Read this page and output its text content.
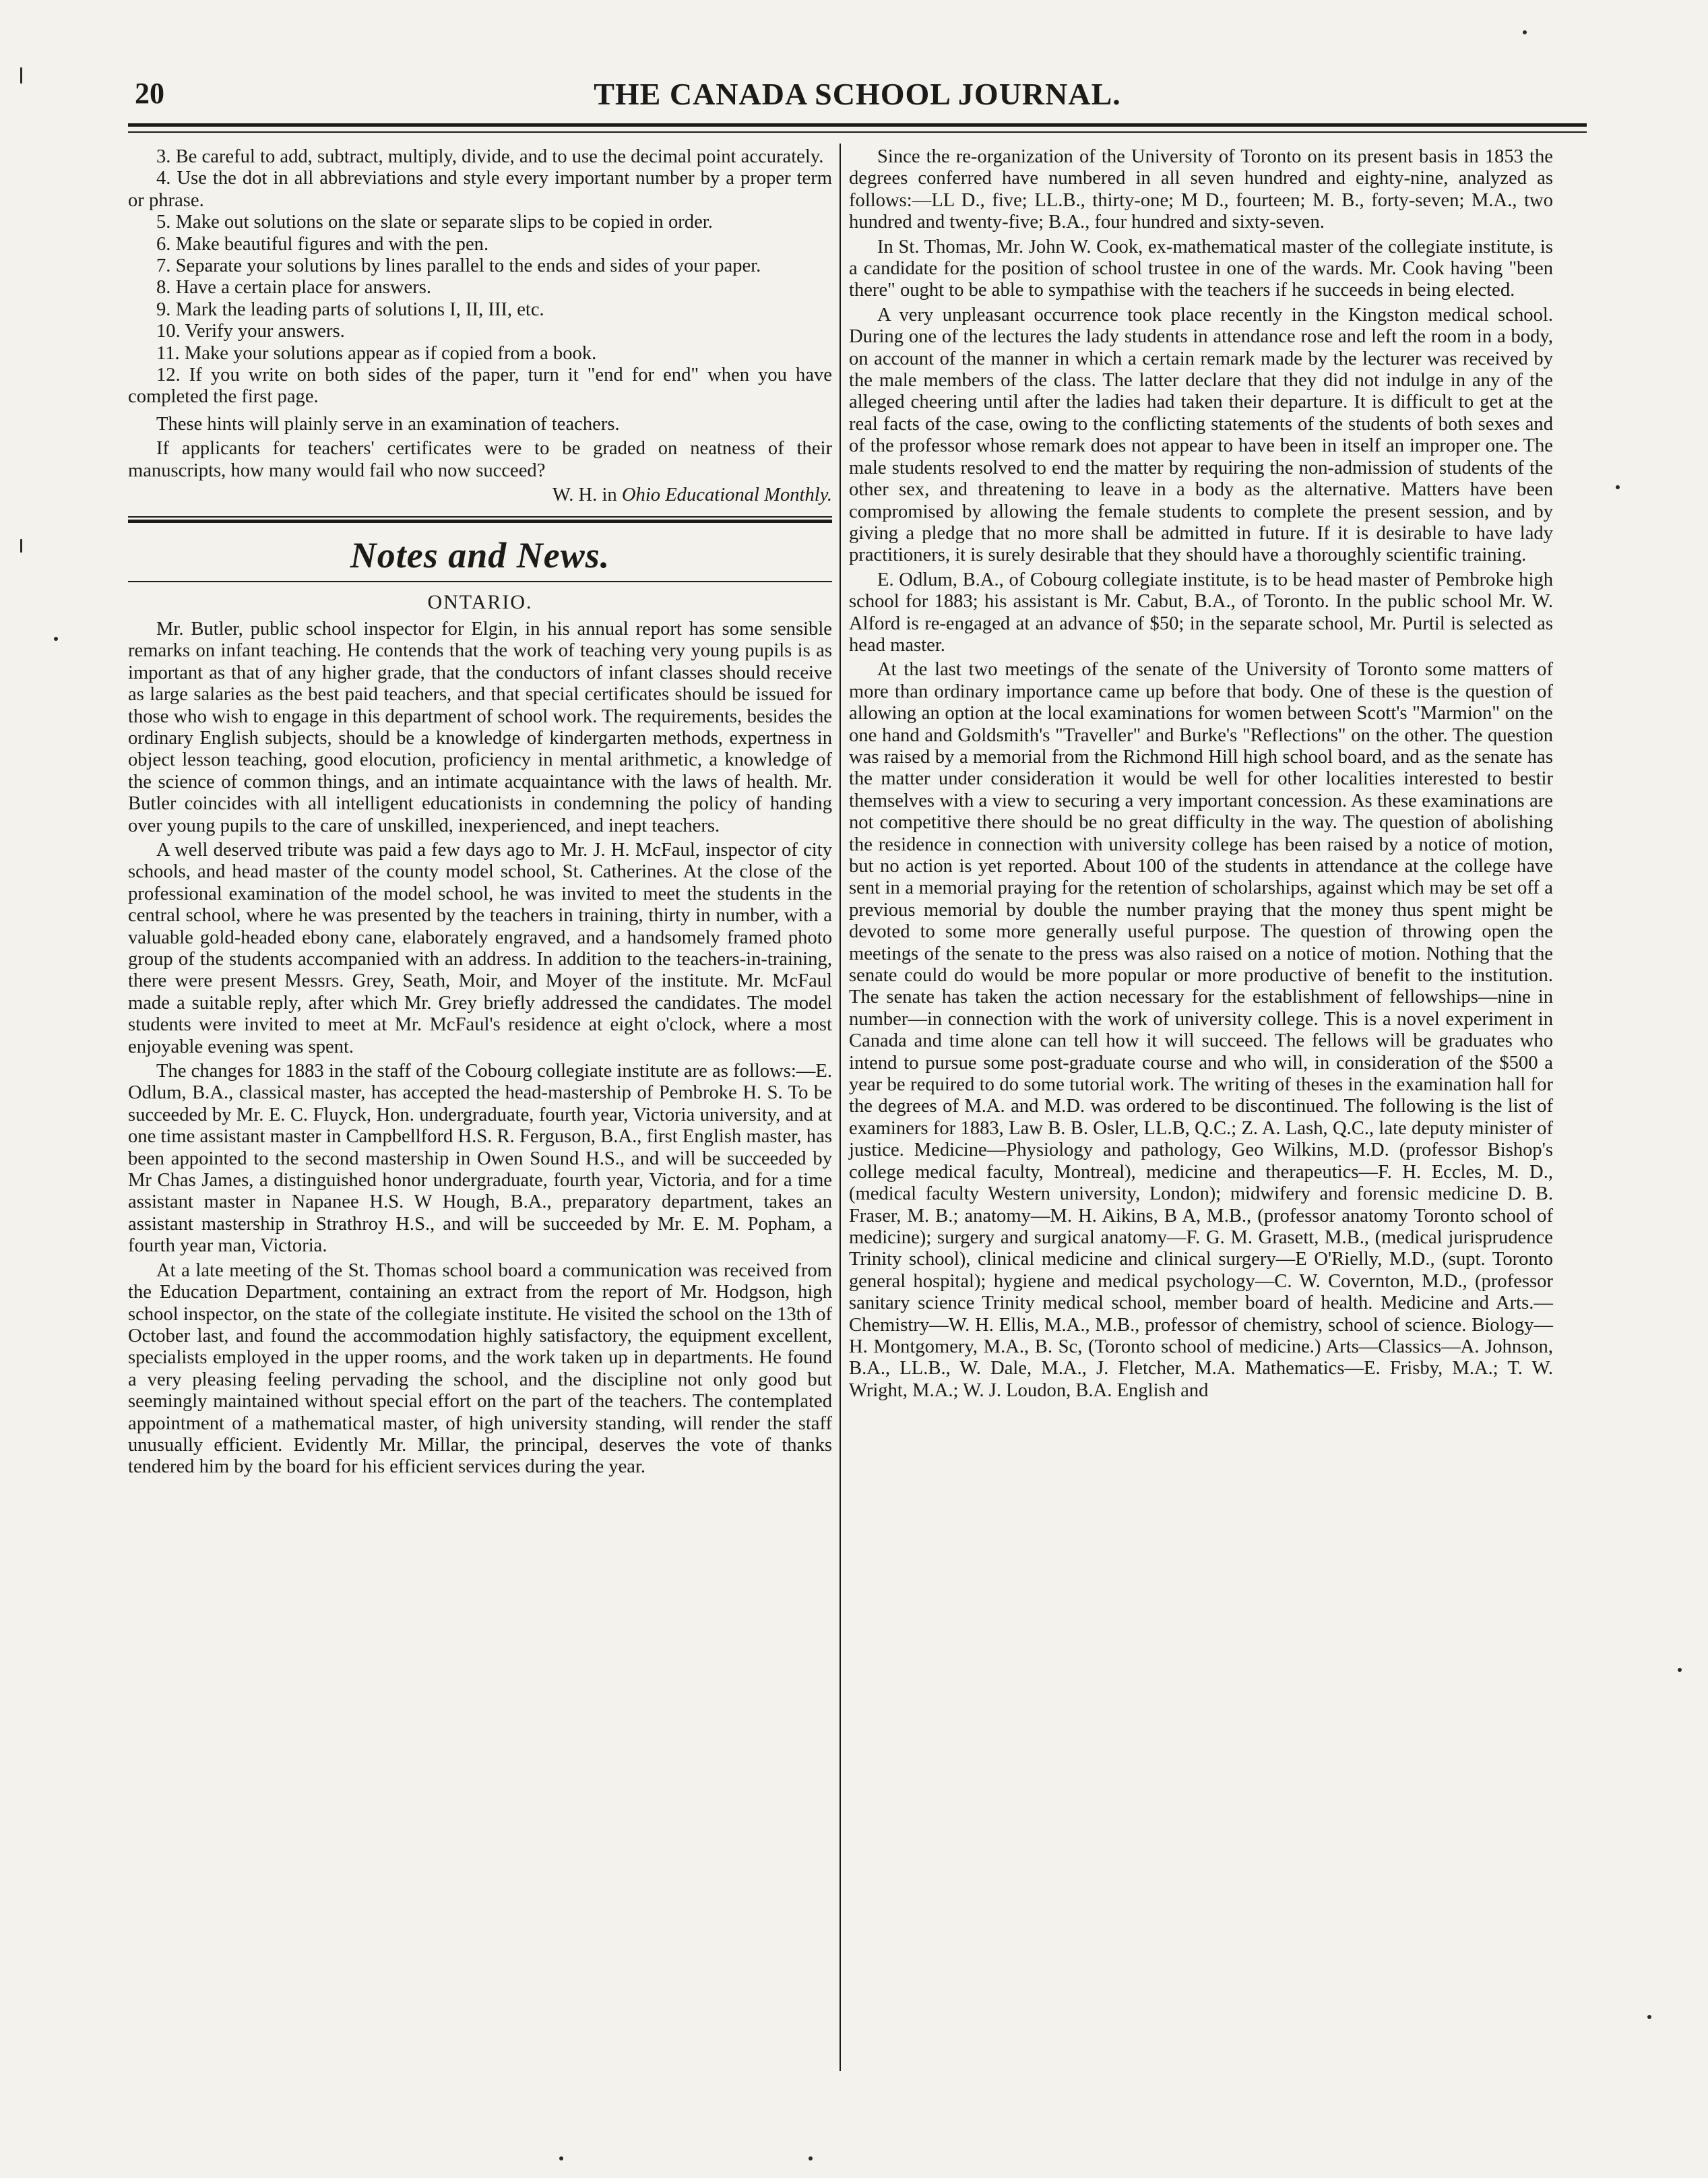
20	THE CANADA SCHOOL JOURNAL.

3. Be careful to add, subtract, multiply, divide, and to use the decimal point accurately.

4. Use the dot in all abbreviations and style every important number by a proper term or phrase.

5. Make out solutions on the slate or separate slips to be copied in order.

6. Make beautiful figures and with the pen.

7. Separate your solutions by lines parallel to the ends and sides of your paper.

8. Have a certain place for answers.

9. Mark the leading parts of solutions I, II, III, etc.

10. Verify your answers.

11. Make your solutions appear as if copied from a book.

12. If you write on both sides of the paper, turn it "end for end" when you have completed the first page.

These hints will plainly serve in an examination of teachers.

If applicants for teachers' certificates were to be graded on neatness of their manuscripts, how many would fail who now succeed?

W. H. in Ohio Educational Monthly.
Notes and News.
ONTARIO.

Mr. Butler, public school inspector for Elgin, in his annual report has some sensible remarks on infant teaching. He contends that the work of teaching very young pupils is as important as that of any higher grade, that the conductors of infant classes should receive as large salaries as the best paid teachers, and that special certificates should be issued for those who wish to engage in this department of school work. The requirements, besides the ordinary English subjects, should be a knowledge of kindergarten methods, expertness in object lesson teaching, good elocution, proficiency in mental arithmetic, a knowledge of the science of common things, and an intimate acquaintance with the laws of health. Mr. Butler coincides with all intelligent educationists in condemning the policy of handing over young pupils to the care of unskilled, inexperienced, and inept teachers.

A well deserved tribute was paid a few days ago to Mr. J. H. McFaul, inspector of city schools, and head master of the county model school, St. Catherines. At the close of the professional examination of the model school, he was invited to meet the students in the central school, where he was presented by the teachers in training, thirty in number, with a valuable gold-headed ebony cane, elaborately engraved, and a handsomely framed photo group of the students accompanied with an address. In addition to the teachers-in-training, there were present Messrs. Grey, Seath, Moir, and Moyer of the institute. Mr. McFaul made a suitable reply, after which Mr. Grey briefly addressed the candidates. The model students were invited to meet at Mr. McFaul's residence at eight o'clock, where a most enjoyable evening was spent.

The changes for 1883 in the staff of the Cobourg collegiate institute are as follows:—E. Odlum, B.A., classical master, has accepted the head-mastership of Pembroke H. S. To be succeeded by Mr. E. C. Fluyck, Hon. undergraduate, fourth year, Victoria university, and at one time assistant master in Campbellford H.S. R. Ferguson, B.A., first English master, has been appointed to the second mastership in Owen Sound H.S., and will be succeeded by Mr Chas James, a distinguished honor undergraduate, fourth year, Victoria, and for a time assistant master in Napanee H.S. W Hough, B.A., preparatory department, takes an assistant mastership in Strathroy H.S., and will be succeeded by Mr. E. M. Popham, a fourth year man, Victoria.

At a late meeting of the St. Thomas school board a communication was received from the Education Department, containing an extract from the report of Mr. Hodgson, high school inspector, on the state of the collegiate institute. He visited the school on the 13th of October last, and found the accommodation highly satisfactory, the equipment excellent, specialists employed in the upper rooms, and the work taken up in departments. He found a very pleasing feeling pervading the school, and the discipline not only good but seemingly maintained without special effort on the part of the teachers. The contemplated appointment of a mathematical master, of high university standing, will render the staff unusually efficient. Evidently Mr. Millar, the principal, deserves the vote of thanks tendered him by the board for his efficient services during the year.

Since the re-organization of the University of Toronto on its present basis in 1853 the degrees conferred have numbered in all seven hundred and eighty-nine, analyzed as follows:—LL D., five; LL.B., thirty-one; M D., fourteen; M. B., forty-seven; M.A., two hundred and twenty-five; B.A., four hundred and sixty-seven.

In St. Thomas, Mr. John W. Cook, ex-mathematical master of the collegiate institute, is a candidate for the position of school trustee in one of the wards. Mr. Cook having "been there" ought to be able to sympathise with the teachers if he succeeds in being elected.

A very unpleasant occurrence took place recently in the Kingston medical school. During one of the lectures the lady students in attendance rose and left the room in a body, on account of the manner in which a certain remark made by the lecturer was received by the male members of the class. The latter declare that they did not indulge in any of the alleged cheering until after the ladies had taken their departure. It is difficult to get at the real facts of the case, owing to the conflicting statements of the students of both sexes and of the professor whose remark does not appear to have been in itself an improper one. The male students resolved to end the matter by requiring the non-admission of students of the other sex, and threatening to leave in a body as the alternative. Matters have been compromised by allowing the female students to complete the present session, and by giving a pledge that no more shall be admitted in future. If it is desirable to have lady practitioners, it is surely desirable that they should have a thoroughly scientific training.

E. Odlum, B.A., of Cobourg collegiate institute, is to be head master of Pembroke high school for 1883; his assistant is Mr. Cabut, B.A., of Toronto. In the public school Mr. W. Alford is re-engaged at an advance of $50; in the separate school, Mr. Purtil is selected as head master.

At the last two meetings of the senate of the University of Toronto some matters of more than ordinary importance came up before that body. One of these is the question of allowing an option at the local examinations for women between Scott's "Marmion" on the one hand and Goldsmith's "Traveller" and Burke's "Reflections" on the other. The question was raised by a memorial from the Richmond Hill high school board, and as the senate has the matter under consideration it would be well for other localities interested to bestir themselves with a view to securing a very important concession. As these examinations are not competitive there should be no great difficulty in the way. The question of abolishing the residence in connection with university college has been raised by a notice of motion, but no action is yet reported. About 100 of the students in attendance at the college have sent in a memorial praying for the retention of scholarships, against which may be set off a previous memorial by double the number praying that the money thus spent might be devoted to some more generally useful purpose. The question of throwing open the meetings of the senate to the press was also raised on a notice of motion. Nothing that the senate could do would be more popular or more productive of benefit to the institution. The senate has taken the action necessary for the establishment of fellowships—nine in number—in connection with the work of university college. This is a novel experiment in Canada and time alone can tell how it will succeed. The fellows will be graduates who intend to pursue some post-graduate course and who will, in consideration of the $500 a year be required to do some tutorial work. The writing of theses in the examination hall for the degrees of M.A. and M.D. was ordered to be discontinued. The following is the list of examiners for 1883, Law B. B. Osler, LL.B, Q.C.; Z. A. Lash, Q.C., late deputy minister of justice. Medicine—Physiology and pathology, Geo Wilkins, M.D. (professor Bishop's college medical faculty, Montreal), medicine and therapeutics—F. H. Eccles, M. D., (medical faculty Western university, London); midwifery and forensic medicine D. B. Fraser, M. B.; anatomy—M. H. Aikins, B A, M.B., (professor anatomy Toronto school of medicine); surgery and surgical anatomy—F. G. M. Grasett, M.B., (medical jurisprudence Trinity school), clinical medicine and clinical surgery—E O'Rielly, M.D., (supt. Toronto general hospital); hygiene and medical psychology—C. W. Covernton, M.D., (professor sanitary science Trinity medical school, member board of health. Medicine and Arts.—Chemistry—W. H. Ellis, M.A., M.B., professor of chemistry, school of science. Biology—H. Montgomery, M.A., B. Sc, (Toronto school of medicine.) Arts—Classics—A. Johnson, B.A., LL.B., W. Dale, M.A., J. Fletcher, M.A. Mathematics—E. Frisby, M.A.; T. W. Wright, M.A.; W. J. Loudon, B.A. English and
